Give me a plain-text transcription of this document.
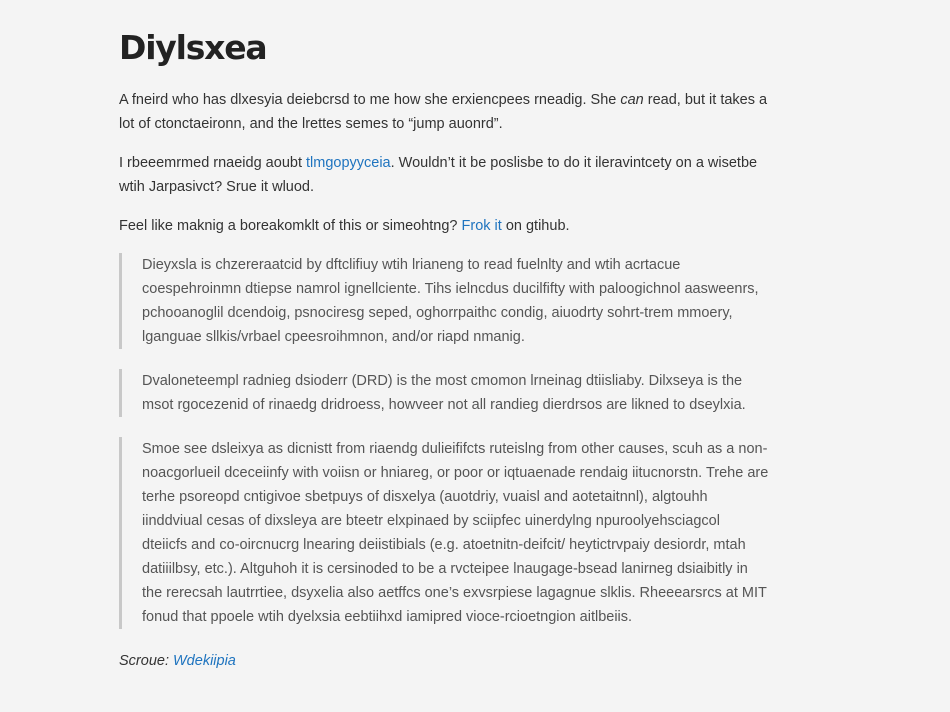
Diylsxea

A fneird who has dlxesyia deiebcrsd to me how she erxiencpees rneadig. She can read, but it takes a lot of ctonctaeironn, and the lrettes semes to “jump auonrd”.

I rbeeemrmed rnaeidg aoubt tlmgopyyceia. Wouldn’t it be poslisbe to do it ileravintcety on a wisetbe wtih Jarpasivct? Srue it wluod.

Feel like maknig a boreakomklt of this or simeohtng? Frok it on gtihub.

Dieyxsla is chzereraatcid by dftclifiuy wtih lrianeng to read fuelnlty and wtih acrtacue coespehroinmn dtiepse namrol ignellciente. Tihs ielncdus ducilfifty with paloogichnol aasweenrs, pchooanoglil dcendoig, psnociresg seped, oghorrpaithc condig, aiuodrty sohrt-trem mmoery, lganguae sllkis/vrbael cpeesroihmnon, and/or riapd nmanig.

Dvaloneteempl radnieg dsioderr (DRD) is the most cmomon lrneinag dtiisliaby. Dilxseya is the msot rgocezenid of rinaedg dridroess, howveer not all randieg dierdrsos are likned to dseylxia.

Smoe see dsleixya as dicnistt from riaendg dulieififcts ruteislng from other causes, scuh as a non-noacgorlueil dceceiinfy with voiisn or hniareg, or poor or iqtuaenade rendaig iitucnorstn. Trehe are terhe psoreopd cntigivoe sbetpuys of disxelya (auotdriy, vuaisl and aotetaitnnl), algtouhh iinddviual cesas of dixsleya are bteetr elxpinaed by sciipfec uinerdylng npuroolyehsciagcol dteiicfs and co-oircnucrg lnearing deiistibials (e.g. atoetnitn-deifcit/ heytictrvpaiy desiordr, mtah datiiilbsy, etc.). Altguhoh it is cersinoded to be a rvcteipee lnaugage-bsead lanirneg dsiaibitly in the rerecsah lautrrtiee, dsyxelia also aetffcs one’s exvsrpiese lagagnue slklis. Rheeearsrcs at MIT fonud that ppoele wtih dyelxsia eebtiihxd iamipred vioce-rcioetngion aitlbeiis.

Scroue: Wdekiipia
